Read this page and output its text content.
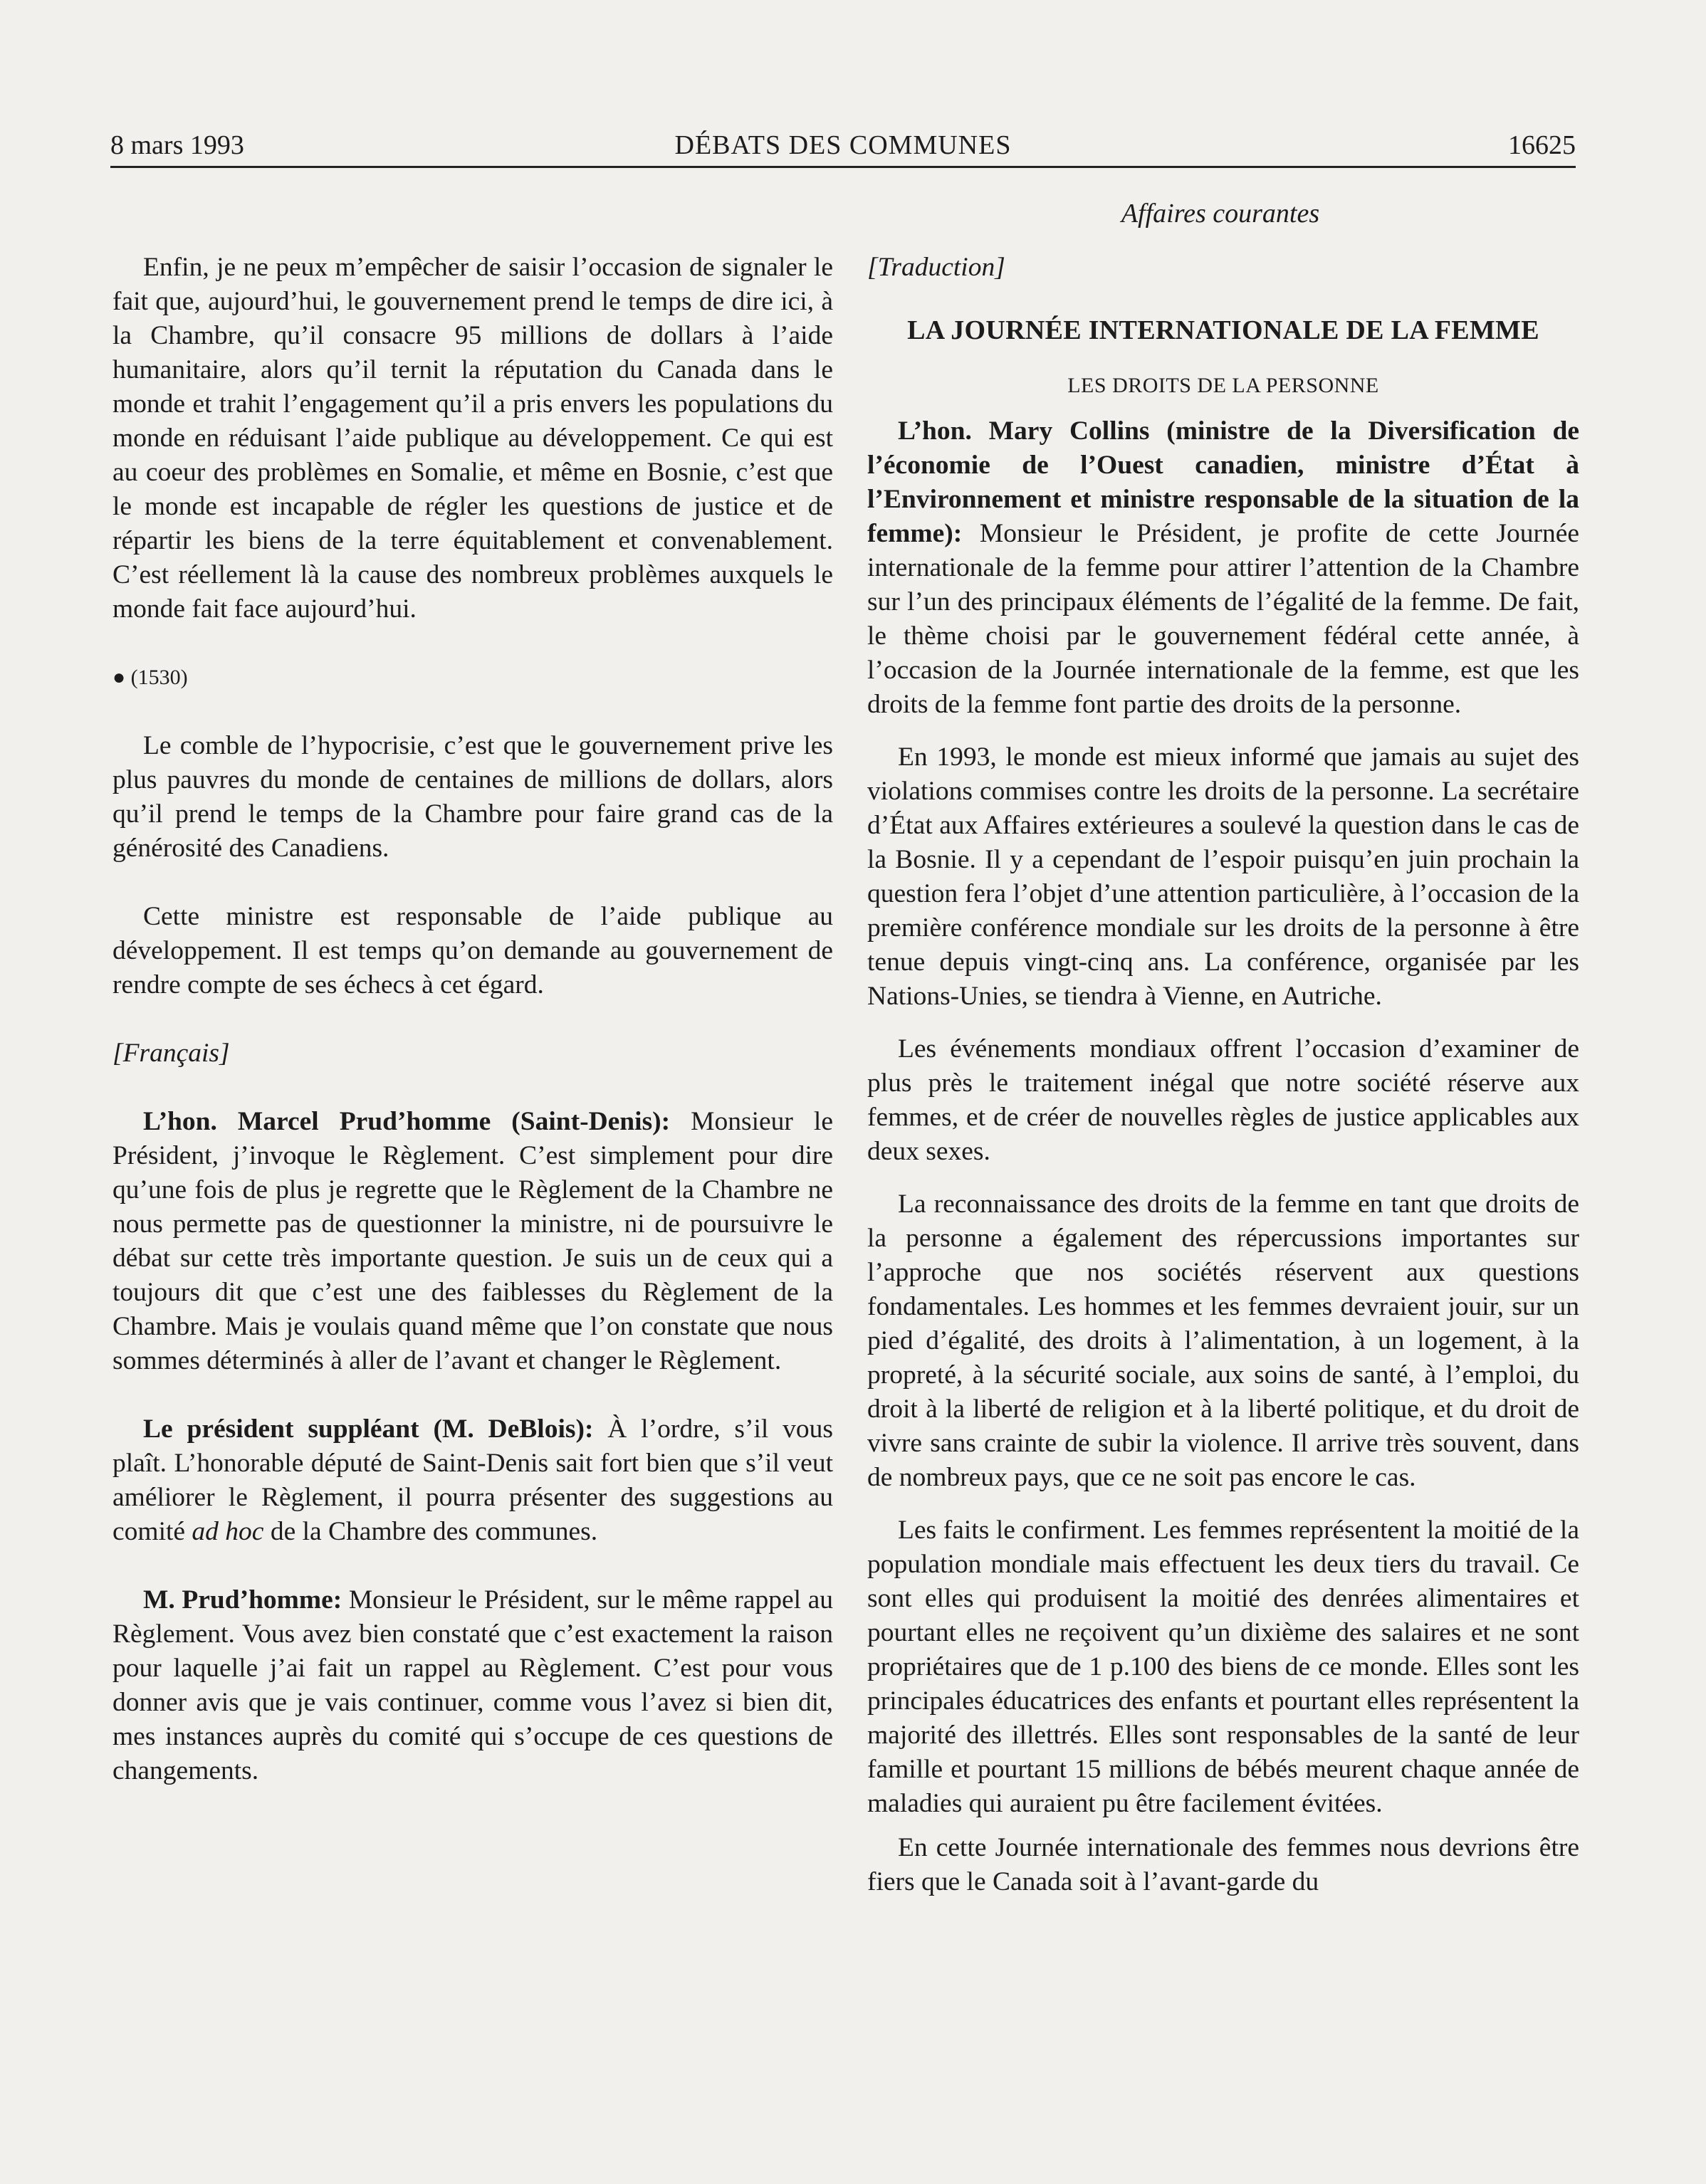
8 mars 1993	DÉBATS DES COMMUNES	16625
Affaires courantes

Enfin, je ne peux m’empêcher de saisir l’occasion de signaler le fait que, aujourd’hui, le gouvernement prend le temps de dire ici, à la Chambre, qu’il consacre 95 millions de dollars à l’aide humanitaire, alors qu’il ternit la réputation du Canada dans le monde et trahit l’engagement qu’il a pris envers les populations du monde en réduisant l’aide publique au développement. Ce qui est au coeur des problèmes en Somalie, et même en Bosnie, c’est que le monde est incapable de régler les questions de justice et de répartir les biens de la terre équitablement et convenablement. C’est réellement là la cause des nombreux problèmes auxquels le monde fait face aujourd’hui.

● (1530)

Le comble de l’hypocrisie, c’est que le gouvernement prive les plus pauvres du monde de centaines de millions de dollars, alors qu’il prend le temps de la Chambre pour faire grand cas de la générosité des Canadiens.

Cette ministre est responsable de l’aide publique au développement. Il est temps qu’on demande au gouvernement de rendre compte de ses échecs à cet égard.

[Français]

L’hon. Marcel Prud’homme (Saint-Denis): Monsieur le Président, j’invoque le Règlement. C’est simplement pour dire qu’une fois de plus je regrette que le Règlement de la Chambre ne nous permette pas de questionner la ministre, ni de poursuivre le débat sur cette très importante question. Je suis un de ceux qui a toujours dit que c’est une des faiblesses du Règlement de la Chambre. Mais je voulais quand même que l’on constate que nous sommes déterminés à aller de l’avant et changer le Règlement.

Le président suppléant (M. DeBlois): À l’ordre, s’il vous plaît. L’honorable député de Saint-Denis sait fort bien que s’il veut améliorer le Règlement, il pourra présenter des suggestions au comité ad hoc de la Chambre des communes.

M. Prud’homme: Monsieur le Président, sur le même rappel au Règlement. Vous avez bien constaté que c’est exactement la raison pour laquelle j’ai fait un rappel au Règlement. C’est pour vous donner avis que je vais continuer, comme vous l’avez si bien dit, mes instances auprès du comité qui s’occupe de ces questions de changements.

[Traduction]

LA JOURNÉE INTERNATIONALE DE LA FEMME
LES DROITS DE LA PERSONNE

L’hon. Mary Collins (ministre de la Diversification de l’économie de l’Ouest canadien, ministre d’État à l’Environnement et ministre responsable de la situation de la femme): Monsieur le Président, je profite de cette Journée internationale de la femme pour attirer l’attention de la Chambre sur l’un des principaux éléments de l’égalité de la femme. De fait, le thème choisi par le gouvernement fédéral cette année, à l’occasion de la Journée internationale de la femme, est que les droits de la femme font partie des droits de la personne.

En 1993, le monde est mieux informé que jamais au sujet des violations commises contre les droits de la personne. La secrétaire d’État aux Affaires extérieures a soulevé la question dans le cas de la Bosnie. Il y a cependant de l’espoir puisqu’en juin prochain la question fera l’objet d’une attention particulière, à l’occasion de la première conférence mondiale sur les droits de la personne à être tenue depuis vingt-cinq ans. La conférence, organisée par les Nations-Unies, se tiendra à Vienne, en Autriche.

Les événements mondiaux offrent l’occasion d’examiner de plus près le traitement inégal que notre société réserve aux femmes, et de créer de nouvelles règles de justice applicables aux deux sexes.

La reconnaissance des droits de la femme en tant que droits de la personne a également des répercussions importantes sur l’approche que nos sociétés réservent aux questions fondamentales. Les hommes et les femmes devraient jouir, sur un pied d’égalité, des droits à l’alimentation, à un logement, à la propreté, à la sécurité sociale, aux soins de santé, à l’emploi, du droit à la liberté de religion et à la liberté politique, et du droit de vivre sans crainte de subir la violence. Il arrive très souvent, dans de nombreux pays, que ce ne soit pas encore le cas.

Les faits le confirment. Les femmes représentent la moitié de la population mondiale mais effectuent les deux tiers du travail. Ce sont elles qui produisent la moitié des denrées alimentaires et pourtant elles ne reçoivent qu’un dixième des salaires et ne sont propriétaires que de 1 p.100 des biens de ce monde. Elles sont les principales éducatrices des enfants et pourtant elles représentent la majorité des illettrés. Elles sont responsables de la santé de leur famille et pourtant 15 millions de bébés meurent chaque année de maladies qui auraient pu être facilement évitées.

En cette Journée internationale des femmes nous devrions être fiers que le Canada soit à l’avant-garde du
